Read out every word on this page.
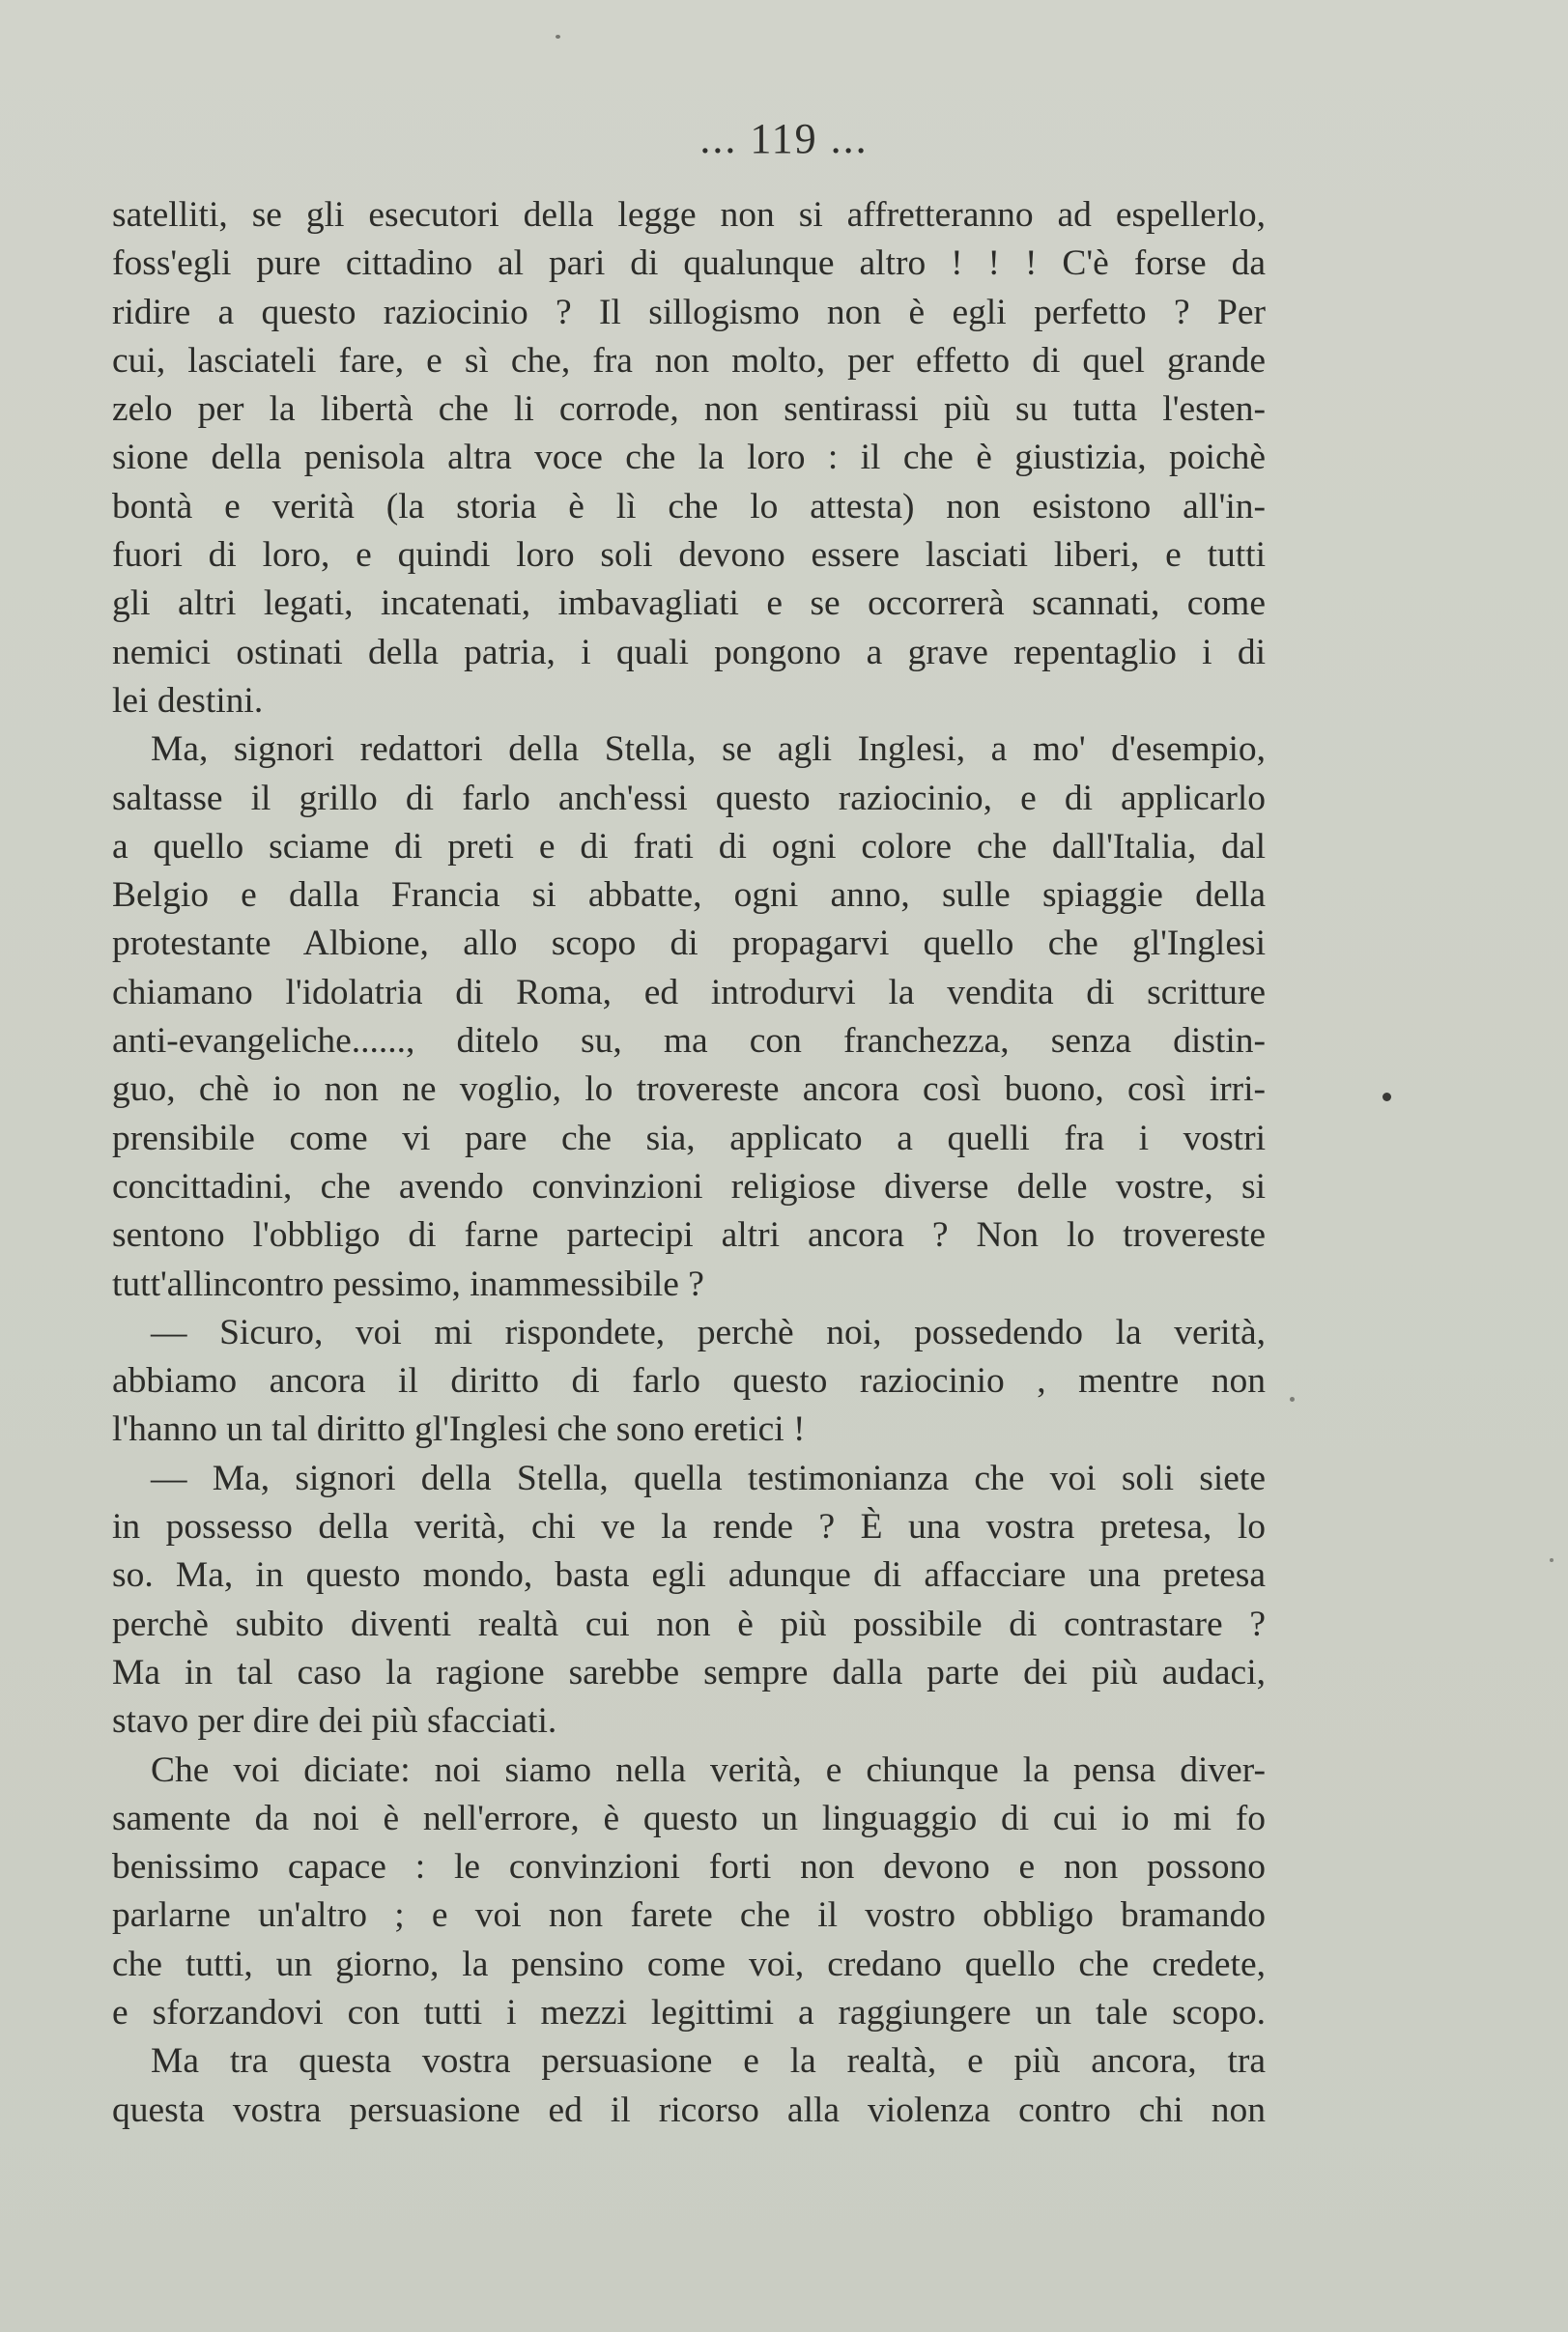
... 119 ...
satelliti, se gli esecutori della legge non si affretteranno ad espellerlo,
foss'egli pure cittadino al pari di qualunque altro ! ! ! C'è forse da
ridire a questo raziocinio ? Il sillogismo non è egli perfetto ? Per
cui, lasciateli fare, e sì che, fra non molto, per effetto di quel grande
zelo per la libertà che li corrode, non sentirassi più su tutta l'esten-
sione della penisola altra voce che la loro : il che è giustizia, poichè
bontà e verità (la storia è lì che lo attesta) non esistono all'in-
fuori di loro, e quindi loro soli devono essere lasciati liberi, e tutti
gli altri legati, incatenati, imbavagliati e se occorrerà scannati, come
nemici ostinati della patria, i quali pongono a grave repentaglio i di
lei destini.
Ma, signori redattori della Stella, se agli Inglesi, a mo' d'esempio,
saltasse il grillo di farlo anch'essi questo raziocinio, e di applicarlo
a quello sciame di preti e di frati di ogni colore che dall'Italia, dal
Belgio e dalla Francia si abbatte, ogni anno, sulle spiaggie della
protestante Albione, allo scopo di propagarvi quello che gl'Inglesi
chiamano l'idolatria di Roma, ed introdurvi la vendita di scritture
anti-evangeliche......, ditelo su, ma con franchezza, senza distin-
guo, chè io non ne voglio, lo trovereste ancora così buono, così irri-
prensibile come vi pare che sia, applicato a quelli fra i vostri
concittadini, che avendo convinzioni religiose diverse delle vostre, si
sentono l'obbligo di farne partecipi altri ancora ? Non lo trovereste
tutt'allincontro pessimo, inammessibile ?
— Sicuro, voi mi rispondete, perchè noi, possedendo la verità,
abbiamo ancora il diritto di farlo questo raziocinio , mentre non
l'hanno un tal diritto gl'Inglesi che sono eretici !
— Ma, signori della Stella, quella testimonianza che voi soli siete
in possesso della verità, chi ve la rende ? È una vostra pretesa, lo
so. Ma, in questo mondo, basta egli adunque di affacciare una pretesa
perchè subito diventi realtà cui non è più possibile di contrastare ?
Ma in tal caso la ragione sarebbe sempre dalla parte dei più audaci,
stavo per dire dei più sfacciati.
Che voi diciate: noi siamo nella verità, e chiunque la pensa diver-
samente da noi è nell'errore, è questo un linguaggio di cui io mi fo
benissimo capace : le convinzioni forti non devono e non possono
parlarne un'altro ; e voi non farete che il vostro obbligo bramando
che tutti, un giorno, la pensino come voi, credano quello che credete,
e sforzandovi con tutti i mezzi legittimi a raggiungere un tale scopo.
Ma tra questa vostra persuasione e la realtà, e più ancora, tra
questa vostra persuasione ed il ricorso alla violenza contro chi non
